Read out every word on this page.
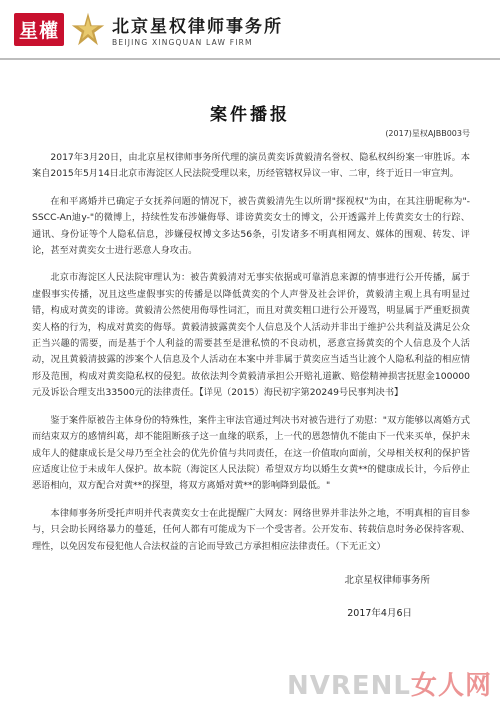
星權	北京星权律师事务所
BEIJING XINGQUAN LAW FIRM
案件播报
(2017)星权AJBB003号

2017年3月20日，由北京星权律师事务所代理的演员黄奕诉黄毅清名誉权、隐私权纠纷案一审胜诉。本案自2015年5月14日北京市海淀区人民法院受理以来，历经管辖权异议一审、二审，终于近日一审宣判。

在和平离婚并已确定子女抚养问题的情况下，被告黄毅清先生以所谓"探视权"为由，在其注册昵称为"-SSCC-An迪y-"的微博上，持续性发布涉嫌侮辱、诽谤黄奕女士的博文，公开透露并上传黄奕女士的行踪、通讯、身份证等个人隐私信息，涉嫌侵权博文多达56条，引发诸多不明真相网友、媒体的围观、转发、评论，甚至对黄奕女士进行恶意人身攻击。

北京市海淀区人民法院审理认为：被告黄毅清对无事实依据或可靠消息来源的情事进行公开传播，属于虚假事实传播，况且这些虚假事实的传播是以降低黄奕的个人声誉及社会评价，黄毅清主观上具有明显过错，构成对黄奕的诽谤。黄毅清公然使用侮辱性词汇，而且对黄奕粗口进行公开谩骂，明显属于严重贬损黄奕人格的行为，构成对黄奕的侮辱。黄毅清披露黄奕个人信息及个人活动并非出于维护公共利益及满足公众正当兴趣的需要，而是基于个人利益的需要甚至是泄私愤的不良动机，恶意宣扬黄奕的个人信息及个人活动，况且黄毅清披露的涉案个人信息及个人活动在本案中并非属于黄奕应当适当让渡个人隐私利益的相应情形及范围，构成对黄奕隐私权的侵犯。故依法判令黄毅清承担公开赔礼道歉、赔偿精神损害抚慰金100000元及诉讼合理支出33500元的法律责任。【详见（2015）海民初字第20249号民事判决书】

鉴于案件原被告主体身份的特殊性，案件主审法官通过判决书对被告进行了劝慰："双方能够以离婚方式而结束双方的感情纠葛，却不能阻断孩子这一血缘的联系，上一代的恩怨情仇不能由下一代来买单，保护未成年人的健康成长是父母乃至全社会的优先价值与共同责任，在这一价值取向面前，父母相关权利的保护皆应适度让位于未成年人保护。故本院（海淀区人民法院）希望双方均以婚生女黄**的健康成长计，今后停止恶语相向，双方配合对黄**的探望，将双方离婚对黄**的影响降到最低。"

本律师事务所受托声明并代表黄奕女士在此提醒广大网友：网络世界并非法外之地，不明真相的盲目参与，只会助长网络暴力的蔓延，任何人都有可能成为下一个受害者。公开发布、转载信息时务必保持客观、理性，以免因发布侵犯他人合法权益的言论而导致己方承担相应法律责任。（下无正文）

北京星权律师事务所
2017年4月6日
NVRENL女人网
